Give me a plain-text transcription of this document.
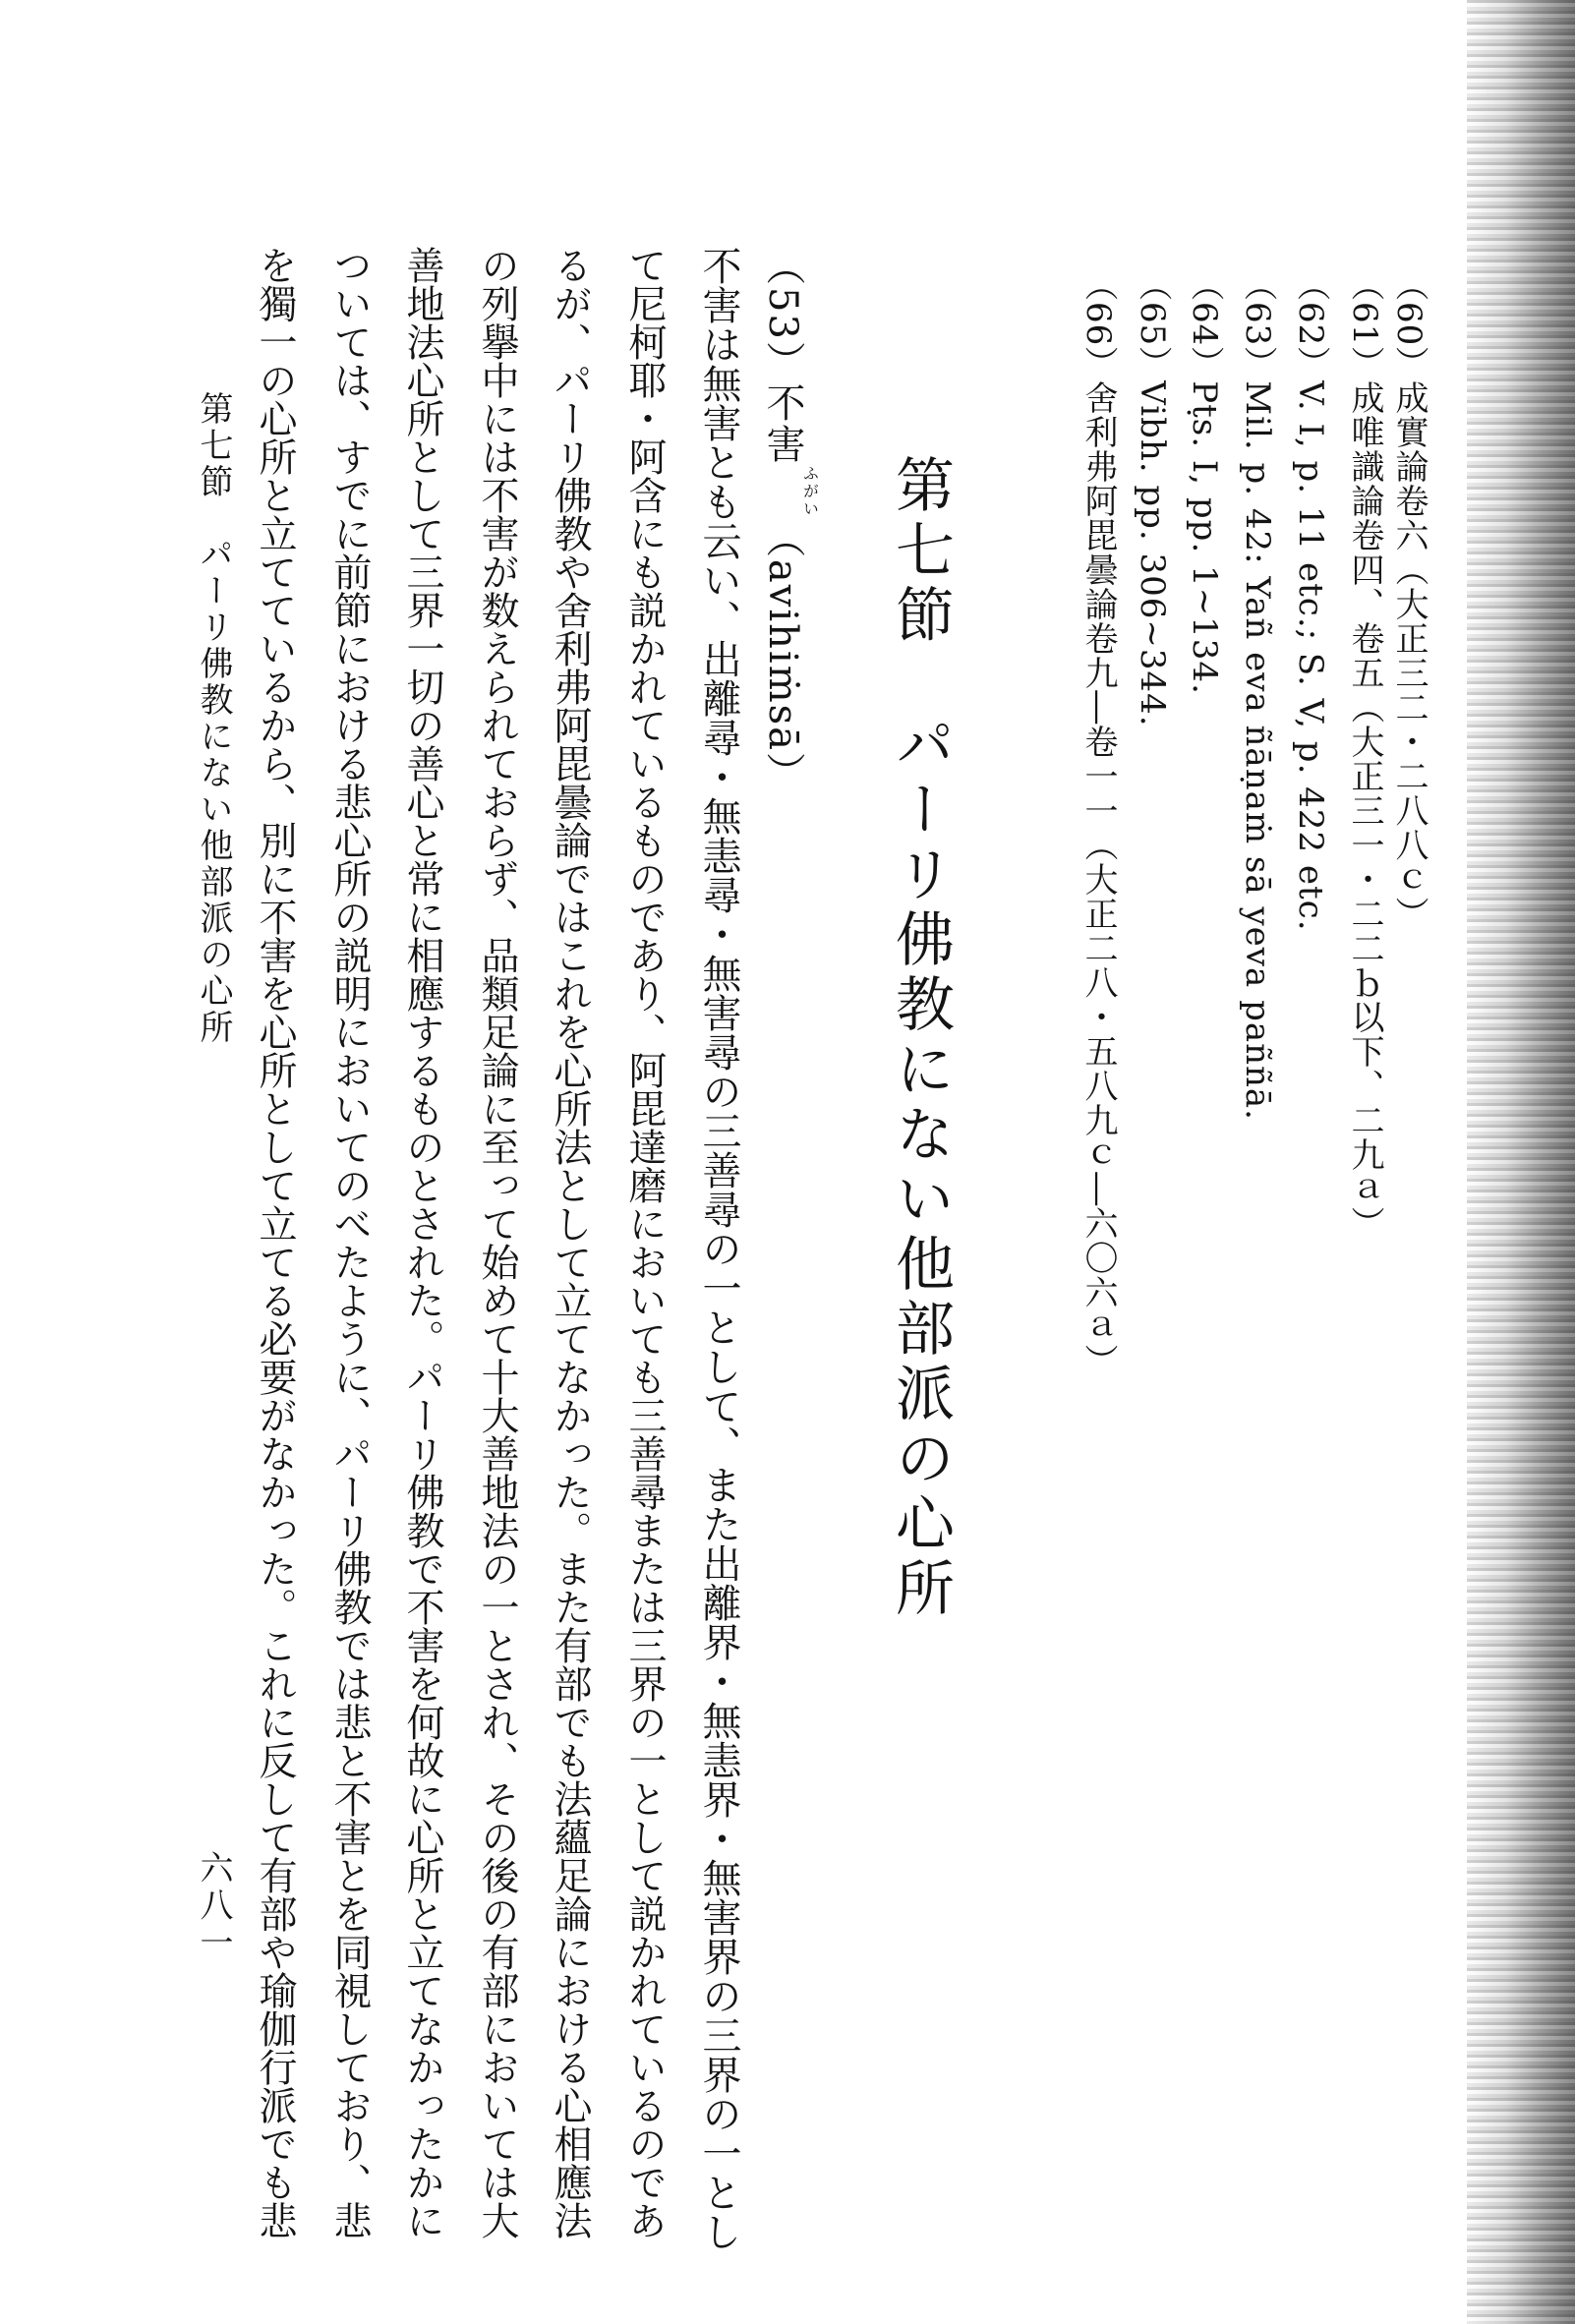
（60）成實論卷六（大正三二・二八八ｃ）
（61）成唯識論卷四、卷五（大正三一・二二ｂ以下、二九ａ）
（62）V. I, p. 11 etc.; S. V, p. 422 etc.
（63）Mil. p. 42: Yañ eva ñāṇaṁ sā yeva paññā.
（64）Pṭs. I, pp. 1~134.
（65）Vibh. pp. 306~344.
（66）舍利弗阿毘曇論卷九―卷一一（大正二八・五八九ｃ―六〇六ａ）
第七節　パーリ佛教にない他部派の心所
（53）不害ふがい（avihiṁsā）
不害は無害とも云い、出離尋・無恚尋・無害尋の三善尋の一として、また出離界・無恚界・無害界の三界の一とし
て尼柯耶・阿含にも説かれているものであり、阿毘達磨においても三善尋または三界の一として説かれているのであ
るが、パーリ佛教や舍利弗阿毘曇論ではこれを心所法として立てなかった。また有部でも法蘊足論における心相應法
の列擧中には不害が数えられておらず、品類足論に至って始めて十大善地法の一とされ、その後の有部においては大
善地法心所として三界一切の善心と常に相應するものとされた。パーリ佛教で不害を何故に心所と立てなかったかに
ついては、すでに前節における悲心所の説明においてのべたように、パーリ佛教では悲と不害とを同視しており、悲
を獨一の心所と立てているから、別に不害を心所として立てる必要がなかった。これに反して有部や瑜伽行派でも悲
第七節　パーリ佛教にない他部派の心所
六八一
